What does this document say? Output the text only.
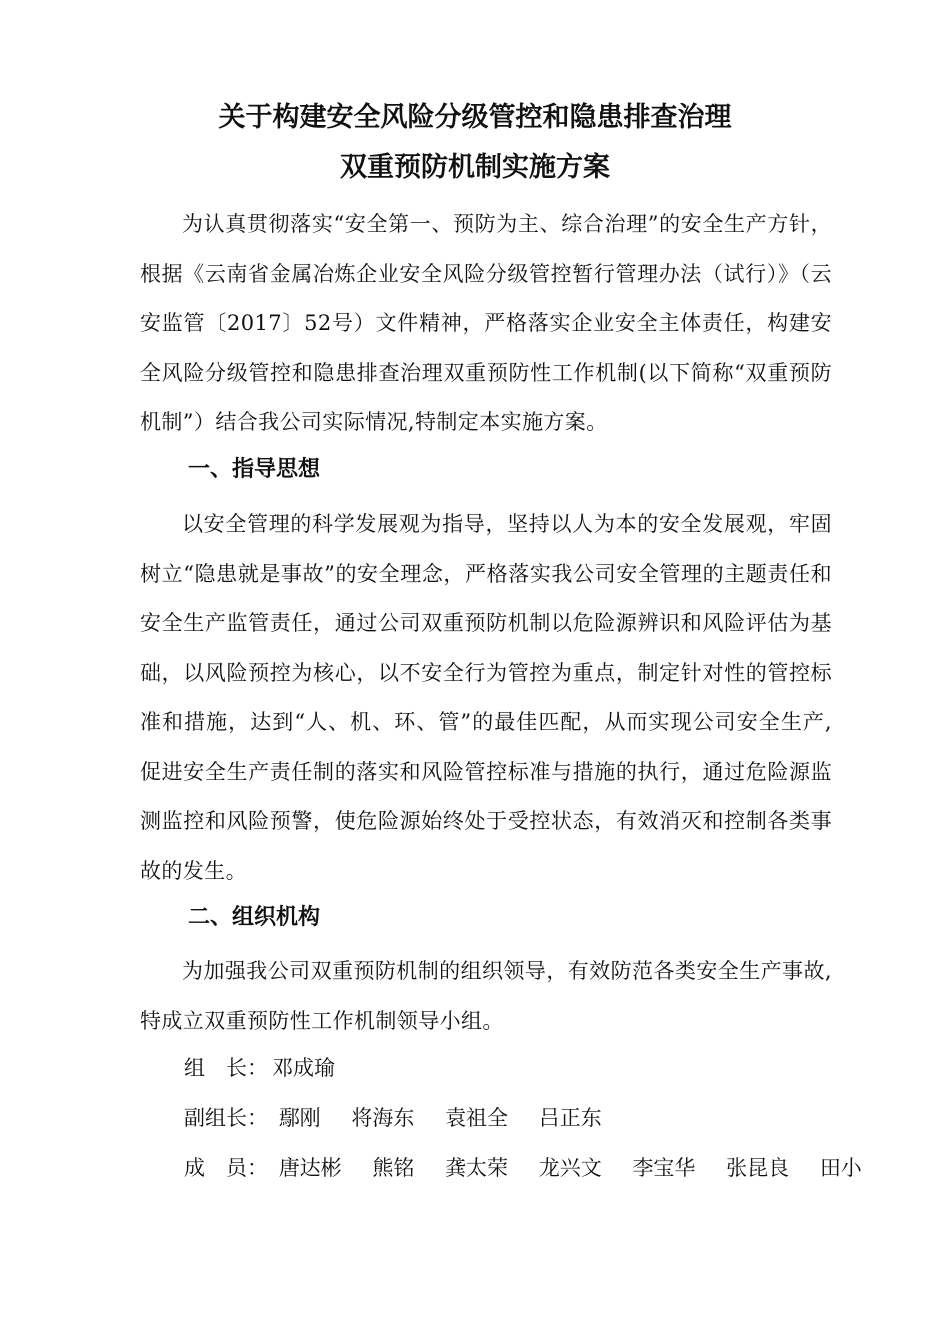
关于构建安全风险分级管控和隐患排查治理
双重预防机制实施方案
为认真贯彻落实“安全第一、预防为主、综合治理”的安全生产方针，根据《云南省金属冶炼企业安全风险分级管控暂行管理办法（试行）》（云安监管〔2017〕52号）文件精神，严格落实企业安全主体责任，构建安全风险分级管控和隐患排查治理双重预防性工作机制(以下简称“双重预防机制”）结合我公司实际情况,特制定本实施方案。
一、指导思想
以安全管理的科学发展观为指导，坚持以人为本的安全发展观，牢固树立“隐患就是事故”的安全理念，严格落实我公司安全管理的主题责任和安全生产监管责任，通过公司双重预防机制以危险源辨识和风险评估为基础，以风险预控为核心，以不安全行为管控为重点，制定针对性的管控标准和措施，达到“人、机、环、管”的最佳匹配，从而实现公司安全生产,促进安全生产责任制的落实和风险管控标准与措施的执行，通过危险源监测监控和风险预警，使危险源始终处于受控状态，有效消灭和控制各类事故的发生。
二、组织机构
为加强我公司双重预防机制的组织领导，有效防范各类安全生产事故,特成立双重预防性工作机制领导小组。
组　长： 邓成瑜
副组长： 鄢刚 将海东 袁祖全 吕正东
成　员： 唐达彬 熊铭 龚太荣 龙兴文 李宝华 张昆良 田小
